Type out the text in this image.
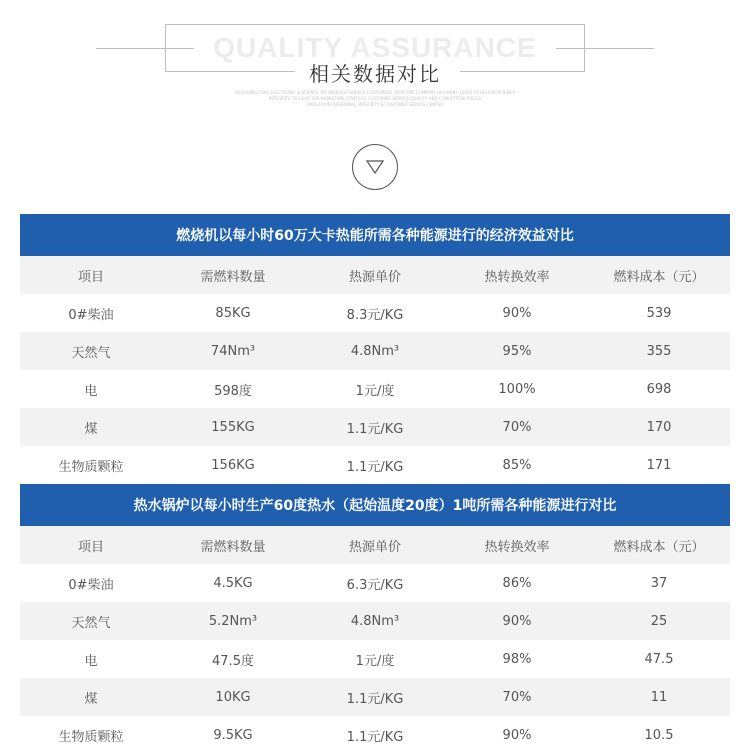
QUALITY ASSURANCE
相关数据对比
RECEIVING CARE ELECTRONIC & SCIENCE TECHNOLOGY SERVICE CUSTOMERS, WITH THE COMPANY HAS MANY YEARS OF HIGH EFFICIENCY
INTEGRITY, TO LEAD THE MARKETING STRATEGY, CUSTOMER SERVICE QUALITY AND COMPETITIVE PRICES
DATA TO PROFESSIONAL, INTEGRITY & CUSTOMER SERVICE CENTER
燃烧机以每小时60万大卡热能所需各种能源进行的经济效益对比				
项目	需燃料数量	热源单价	热转换效率	燃料成本（元）
0#柴油	85KG	8.3元/KG	90%	539
天然气	74Nm³	4.8Nm³	95%	355
电	598度	1元/度	100%	698
煤	155KG	1.1元/KG	70%	170
生物质颗粒	156KG	1.1元/KG	85%	171
热水锅炉以每小时生产60度热水（起始温度20度）1吨所需各种能源进行对比				
项目	需燃料数量	热源单价	热转换效率	燃料成本（元）
0#柴油	4.5KG	6.3元/KG	86%	37
天然气	5.2Nm³	4.8Nm³	90%	25
电	47.5度	1元/度	98%	47.5
煤	10KG	1.1元/KG	70%	11
生物质颗粒	9.5KG	1.1元/KG	90%	10.5
